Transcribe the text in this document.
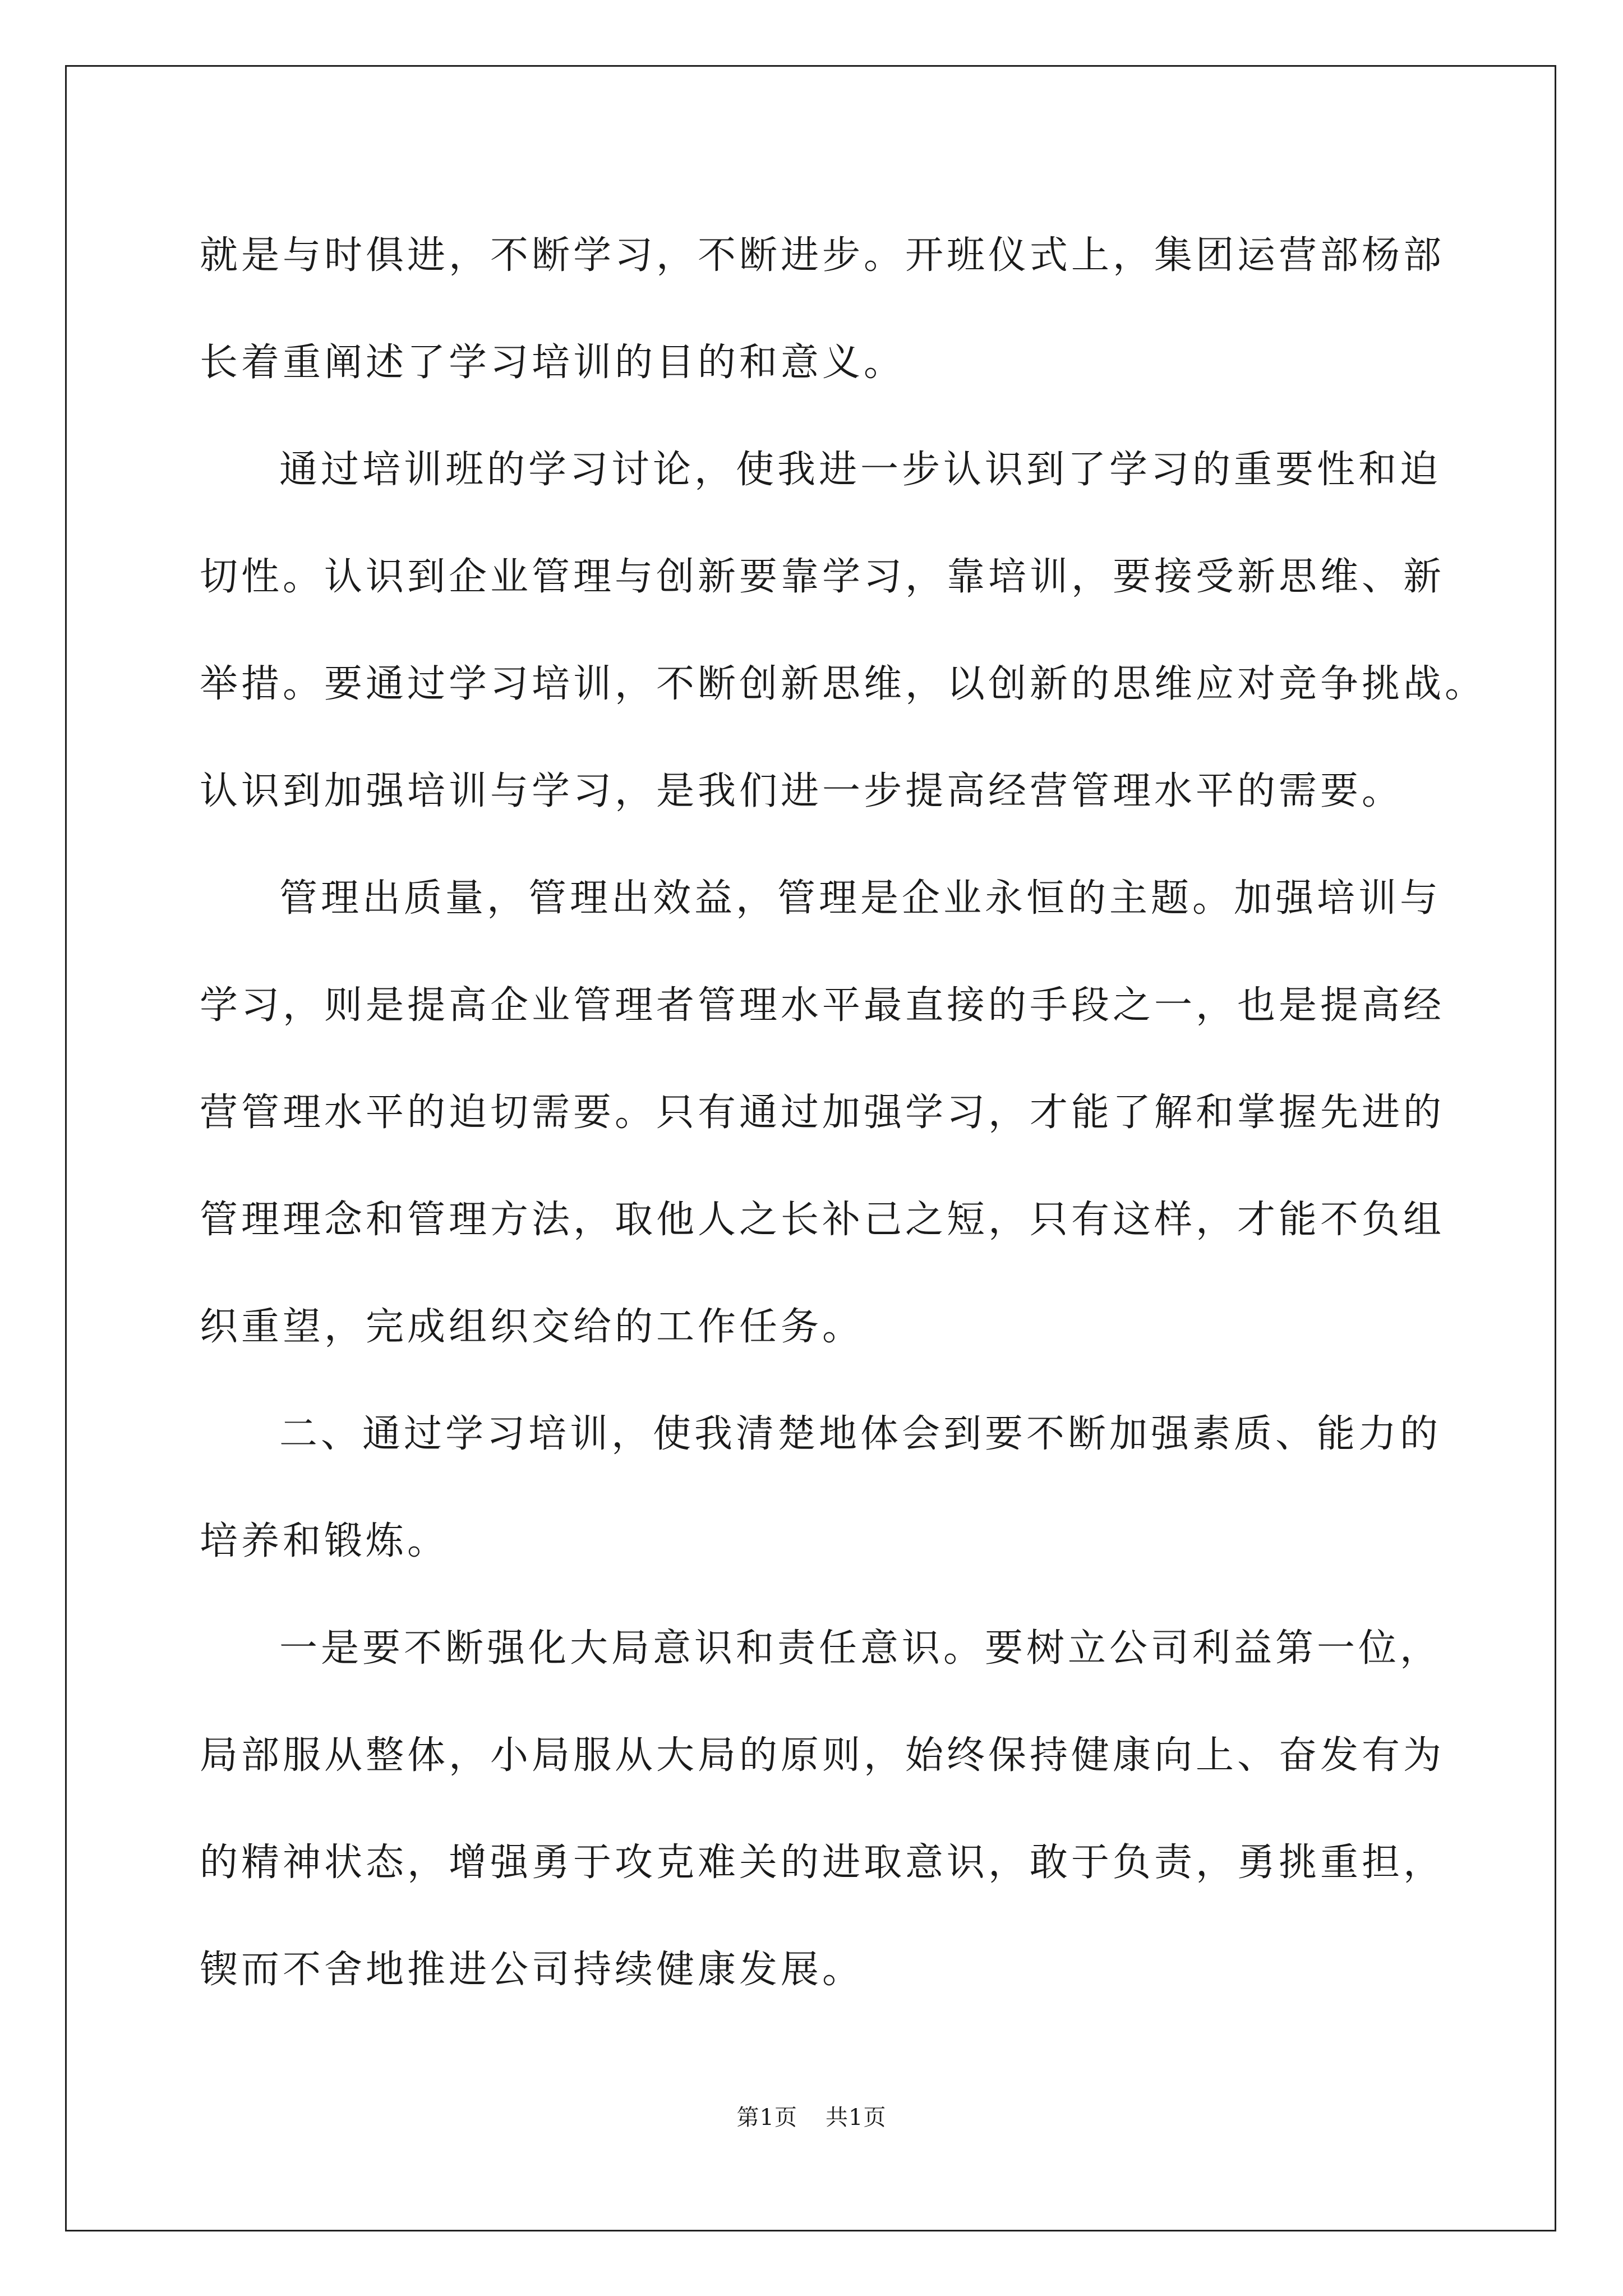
就是与时俱进，不断学习，不断进步。开班仪式上，集团运营部杨部
长着重阐述了学习培训的目的和意义。
通过培训班的学习讨论，使我进一步认识到了学习的重要性和迫
切性。认识到企业管理与创新要靠学习，靠培训，要接受新思维、新
举措。要通过学习培训，不断创新思维，以创新的思维应对竞争挑战。
认识到加强培训与学习，是我们进一步提高经营管理水平的需要。
管理出质量，管理出效益，管理是企业永恒的主题。加强培训与
学习，则是提高企业管理者管理水平最直接的手段之一，也是提高经
营管理水平的迫切需要。只有通过加强学习，才能了解和掌握先进的
管理理念和管理方法，取他人之长补己之短，只有这样，才能不负组
织重望，完成组织交给的工作任务。
二、通过学习培训，使我清楚地体会到要不断加强素质、能力的
培养和锻炼。
一是要不断强化大局意识和责任意识。要树立公司利益第一位，
局部服从整体，小局服从大局的原则，始终保持健康向上、奋发有为
的精神状态，增强勇于攻克难关的进取意识，敢于负责，勇挑重担，
锲而不舍地推进公司持续健康发展。
第1页 共1页
